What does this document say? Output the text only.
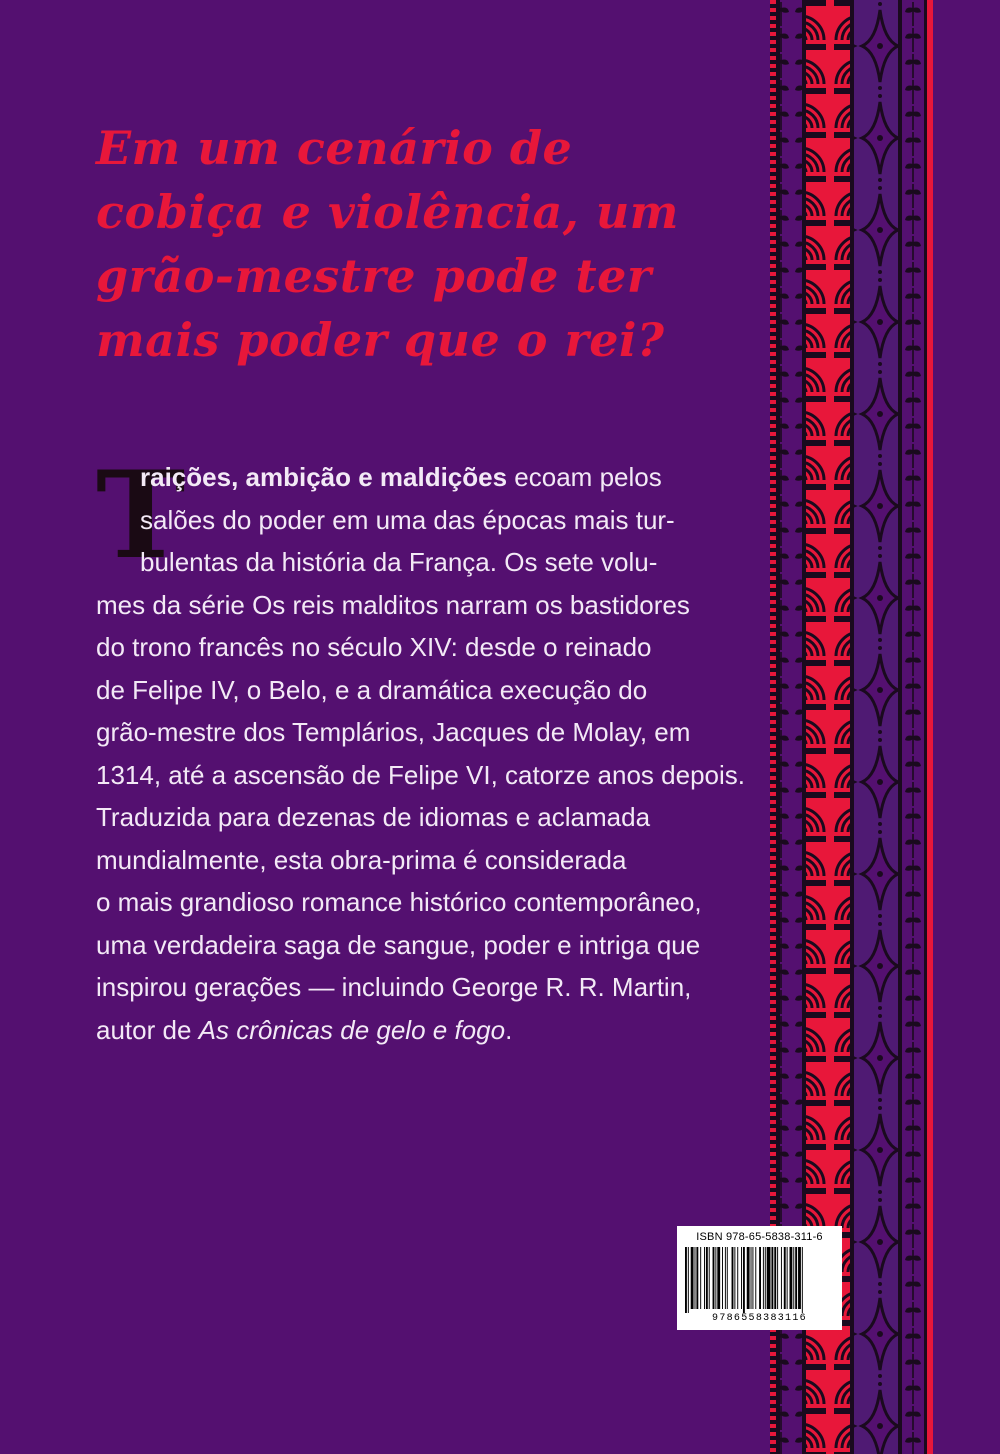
Em um cenário de
cobiça e violência, um
grão-mestre pode ter
mais poder que o rei?
T
raições, ambição e maldições ecoam pelos
salões do poder em uma das épocas mais tur-
bulentas da história da França. Os sete volu-
mes da série Os reis malditos narram os bastidores
do trono francês no século XIV: desde o reinado
de Felipe IV, o Belo, e a dramática execução do
grão-mestre dos Templários, Jacques de Molay, em
1314, até a ascensão de Felipe VI, catorze anos depois.
Traduzida para dezenas de idiomas e aclamada
mundialmente, esta obra-prima é considerada
o mais grandioso romance histórico contemporâneo,
uma verdadeira saga de sangue, poder e intriga que
inspirou gerações — incluindo George R. R. Martin,
autor de As crônicas de gelo e fogo.
ISBN 978-65-5838-311-6
9786558383116
